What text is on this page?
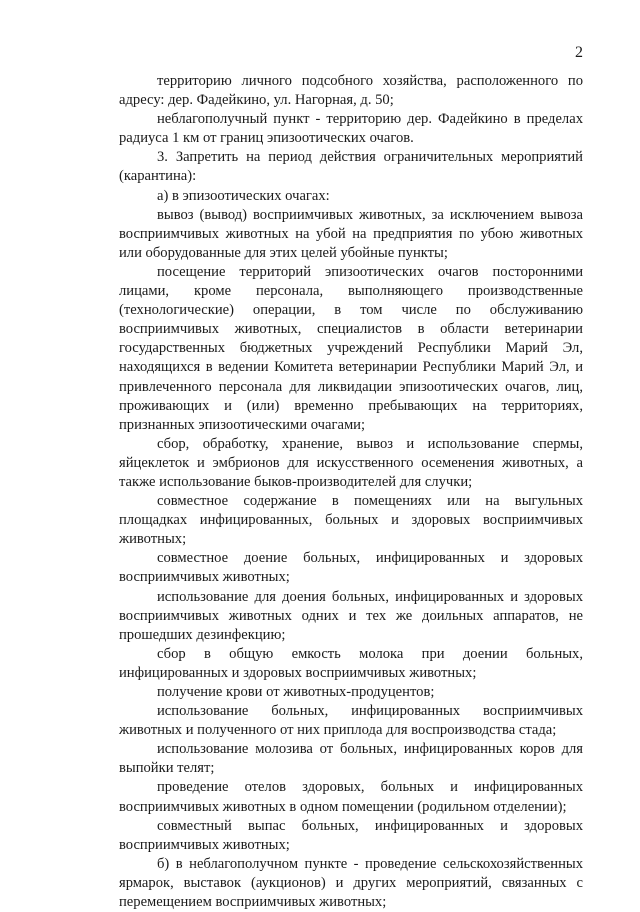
2

территорию личного подсобного хозяйства, расположенного по адресу: дер. Фадейкино, ул. Нагорная, д. 50;

неблагополучный пункт - территорию дер. Фадейкино в пределах радиуса 1 км от границ эпизоотических очагов.

3. Запретить на период действия ограничительных мероприятий (карантина):

а) в эпизоотических очагах:

вывоз (вывод) восприимчивых животных, за исключением вывоза восприимчивых животных на убой на предприятия по убою животных или оборудованные для этих целей убойные пункты;

посещение территорий эпизоотических очагов посторонними лицами, кроме персонала, выполняющего производственные (технологические) операции, в том числе по обслуживанию восприимчивых животных, специалистов в области ветеринарии государственных бюджетных учреждений Республики Марий Эл, находящихся в ведении Комитета ветеринарии Республики Марий Эл, и привлеченного персонала для ликвидации эпизоотических очагов, лиц, проживающих и (или) временно пребывающих на территориях, признанных эпизоотическими очагами;

сбор, обработку, хранение, вывоз и использование спермы, яйцеклеток и эмбрионов для искусственного осеменения животных, а также использование быков-производителей для случки;

совместное содержание в помещениях или на выгульных площадках инфицированных, больных и здоровых восприимчивых животных;

совместное доение больных, инфицированных и здоровых восприимчивых животных;

использование для доения больных, инфицированных и здоровых восприимчивых животных одних и тех же доильных аппаратов, не прошедших дезинфекцию;

сбор в общую емкость молока при доении больных, инфицированных и здоровых восприимчивых животных;

получение крови от животных-продуцентов;

использование больных, инфицированных восприимчивых животных и полученного от них приплода для воспроизводства стада;

использование молозива от больных, инфицированных коров для выпойки телят;

проведение отелов здоровых, больных и инфицированных восприимчивых животных в одном помещении (родильном отделении);

совместный выпас больных, инфицированных и здоровых восприимчивых животных;

б) в неблагополучном пункте - проведение сельскохозяйственных ярмарок, выставок (аукционов) и других мероприятий, связанных с перемещением восприимчивых животных;
